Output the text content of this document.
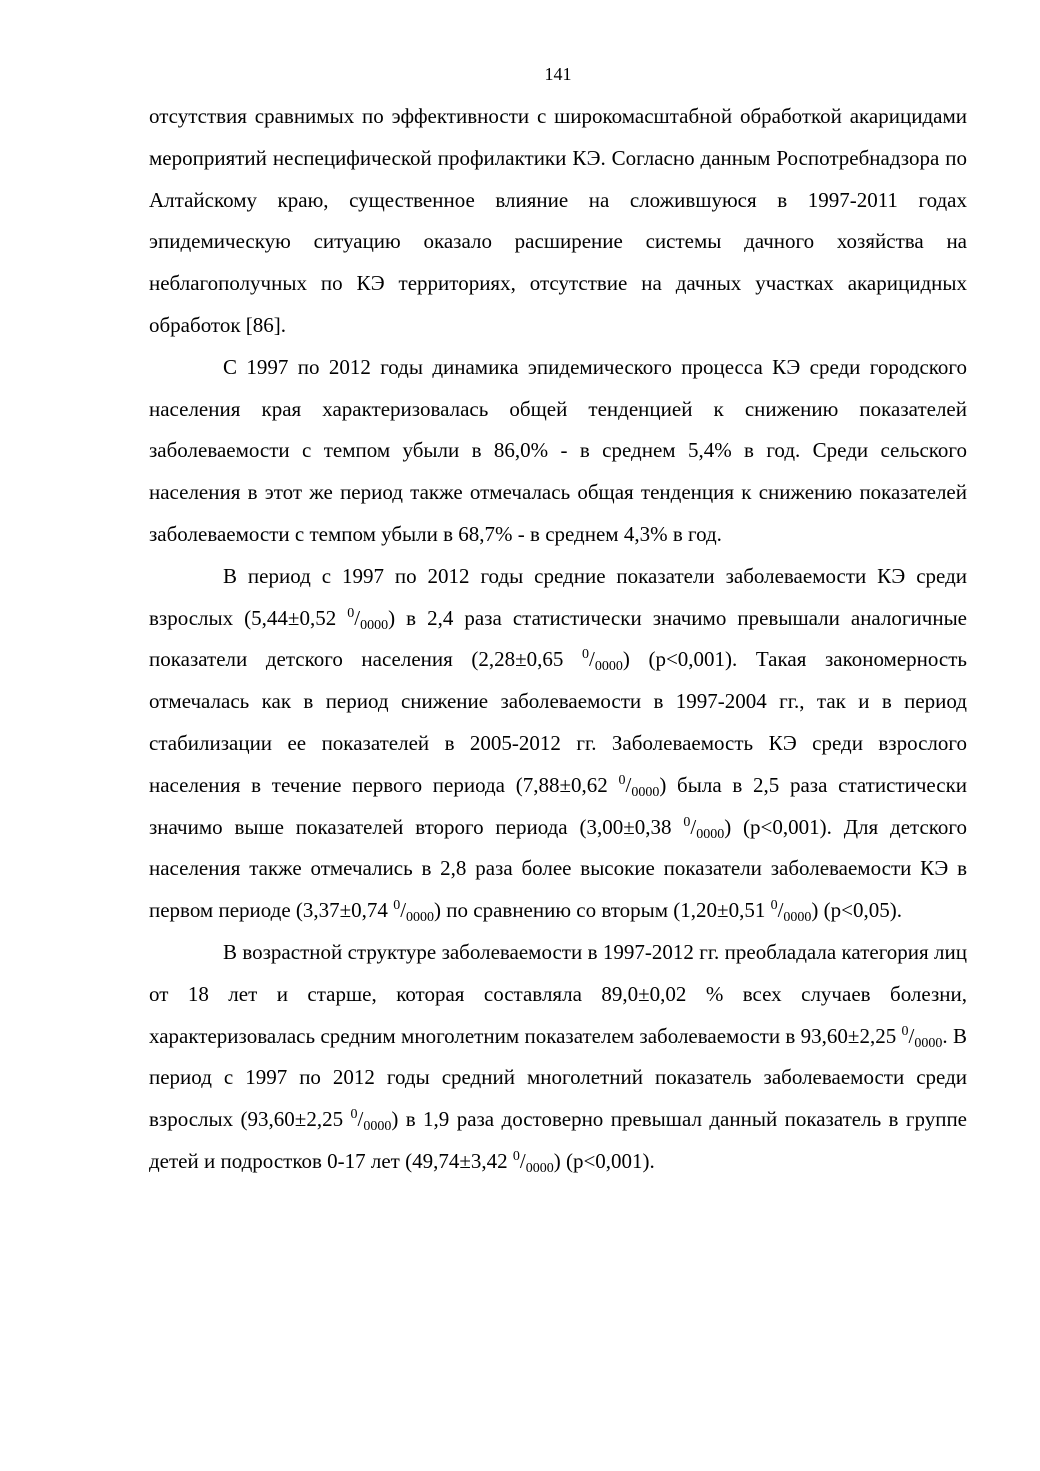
141

отсутствия сравнимых по эффективности с широкомасштабной обработкой акарицидами мероприятий неспецифической профилактики КЭ. Согласно данным Роспотребнадзора по Алтайскому краю, существенное влияние на сложившуюся в 1997-2011 годах эпидемическую ситуацию оказало расширение системы дачного хозяйства на неблагополучных по КЭ территориях, отсутствие на дачных участках акарицидных обработок [86].

С 1997 по 2012 годы динамика эпидемического процесса КЭ среди городского населения края характеризовалась общей тенденцией к снижению показателей заболеваемости с темпом убыли в 86,0% - в среднем 5,4% в год. Среди сельского населения в этот же период также отмечалась общая тенденция к снижению показателей заболеваемости с темпом убыли в 68,7% - в среднем 4,3% в год.

В период с 1997 по 2012 годы средние показатели заболеваемости КЭ среди взрослых (5,44±0,52 $^0/_{0000}$) в 2,4 раза статистически значимо превышали аналогичные показатели детского населения (2,28±0,65 $^0/_{0000}$) (р<0,001). Такая закономерность отмечалась как в период снижение заболеваемости в 1997-2004 гг., так и в период стабилизации ее показателей в 2005-2012 гг. Заболеваемость КЭ среди взрослого населения в течение первого периода (7,88±0,62 $^0/_{0000}$) была в 2,5 раза статистически значимо выше показателей второго периода (3,00±0,38 $^0/_{0000}$) (р<0,001). Для детского населения также отмечались в 2,8 раза более высокие показатели заболеваемости КЭ в первом периоде (3,37±0,74 $^0/_{0000}$) по сравнению со вторым (1,20±0,51 $^0/_{0000}$) (р<0,05).

В возрастной структуре заболеваемости в 1997-2012 гг. преобладала категория лиц от 18 лет и старше, которая составляла 89,0±0,02 % всех случаев болезни, характеризовалась средним многолетним показателем заболеваемости в 93,60±2,25 $^0/_{0000}$. В период с 1997 по 2012 годы средний многолетний показатель заболеваемости среди взрослых (93,60±2,25 $^0/_{0000}$) в 1,9 раза достоверно превышал данный показатель в группе детей и подростков 0-17 лет (49,74±3,42 $^0/_{0000}$) (р<0,001).
